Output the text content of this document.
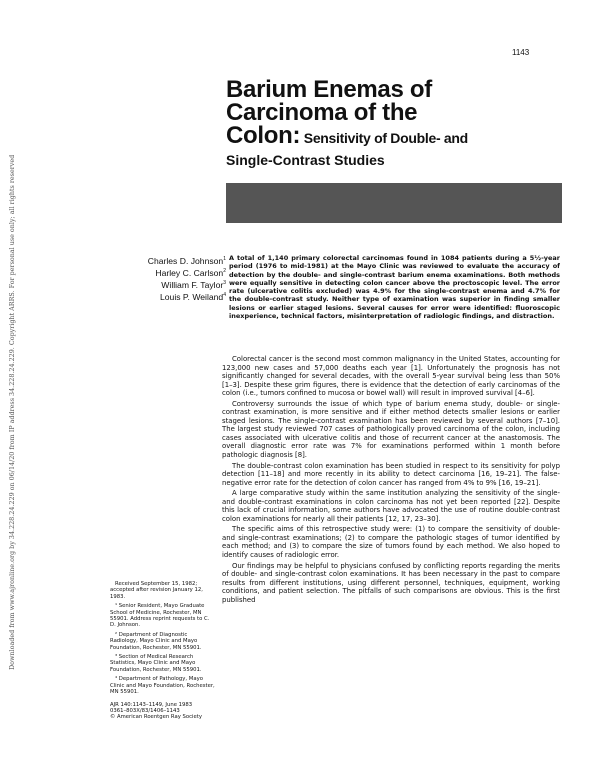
Downloaded from www.ajronline.org by 34.228.24.229 on 06/14/20 from IP address 34.228.24.229. Copyright ARRS. For personal use only; all rights reserved
1143
Barium Enemas of
Carcinoma of the
Colon: Sensitivity of Double- and
Single-Contrast Studies
Charles D. Johnson$^1$
Harley C. Carlson$^2$
William F. Taylor$^3$
Louis P. Weiland$^4$
A total of 1,140 primary colorectal carcinomas found in 1084 patients during a 5½-year period (1976 to mid-1981) at the Mayo Clinic was reviewed to evaluate the accuracy of detection by the double- and single-contrast barium enema examinations. Both methods were equally sensitive in detecting colon cancer above the proctoscopic level. The error rate (ulcerative colitis excluded) was 4.9% for the single-contrast enema and 4.7% for the double-contrast study. Neither type of examination was superior in finding smaller lesions or earlier staged lesions. Several causes for error were identified: fluoroscopic inexperience, technical factors, misinterpretation of radiologic findings, and distraction.

Colorectal cancer is the second most common malignancy in the United States, accounting for 123,000 new cases and 57,000 deaths each year [1]. Unfortunately the prognosis has not significantly changed for several decades, with the overall 5-year survival being less than 50% [1–3]. Despite these grim figures, there is evidence that the detection of early carcinomas of the colon (i.e., tumors confined to mucosa or bowel wall) will result in improved survival [4–6].

Controversy surrounds the issue of which type of barium enema study, double- or single-contrast examination, is more sensitive and if either method detects smaller lesions or earlier staged lesions. The single-contrast examination has been reviewed by several authors [7–10]. The largest study reviewed 707 cases of pathologically proved carcinoma of the colon, including cases associated with ulcerative colitis and those of recurrent cancer at the anastomosis. The overall diagnostic error rate was 7% for examinations performed within 1 month before pathologic diagnosis [8].

The double-contrast colon examination has been studied in respect to its sensitivity for polyp detection [11–18] and more recently in its ability to detect carcinoma [16, 19–21]. The false-negative error rate for the detection of colon cancer has ranged from 4% to 9% [16, 19–21].

A large comparative study within the same institution analyzing the sensitivity of the single- and double-contrast examinations in colon carcinoma has not yet been reported [22]. Despite this lack of crucial information, some authors have advocated the use of routine double-contrast colon examinations for nearly all their patients [12, 17, 23–30].

The specific aims of this retrospective study were: (1) to compare the sensitivity of double- and single-contrast examinations; (2) to compare the pathologic stages of tumor identified by each method; and (3) to compare the size of tumors found by each method. We also hoped to identify causes of radiologic error.

Our findings may be helpful to physicians confused by conflicting reports regarding the merits of double- and single-contrast colon examinations. It has been necessary in the past to compare results from different institutions, using different personnel, techniques, equipment, working conditions, and patient selection. The pitfalls of such comparisons are obvious. This is the first published

Received September 15, 1982; accepted after revision January 12, 1983.

¹ Senior Resident, Mayo Graduate School of Medicine, Rochester, MN 55901. Address reprint requests to C. D. Johnson.

² Department of Diagnostic Radiology, Mayo Clinic and Mayo Foundation, Rochester, MN 55901.

³ Section of Medical Research Statistics, Mayo Clinic and Mayo Foundation, Rochester, MN 55901.

⁴ Department of Pathology, Mayo Clinic and Mayo Foundation, Rochester, MN 55901.

AJR 140:1143–1149, June 1983
0361–803X/83/1406–1143
© American Roentgen Ray Society
